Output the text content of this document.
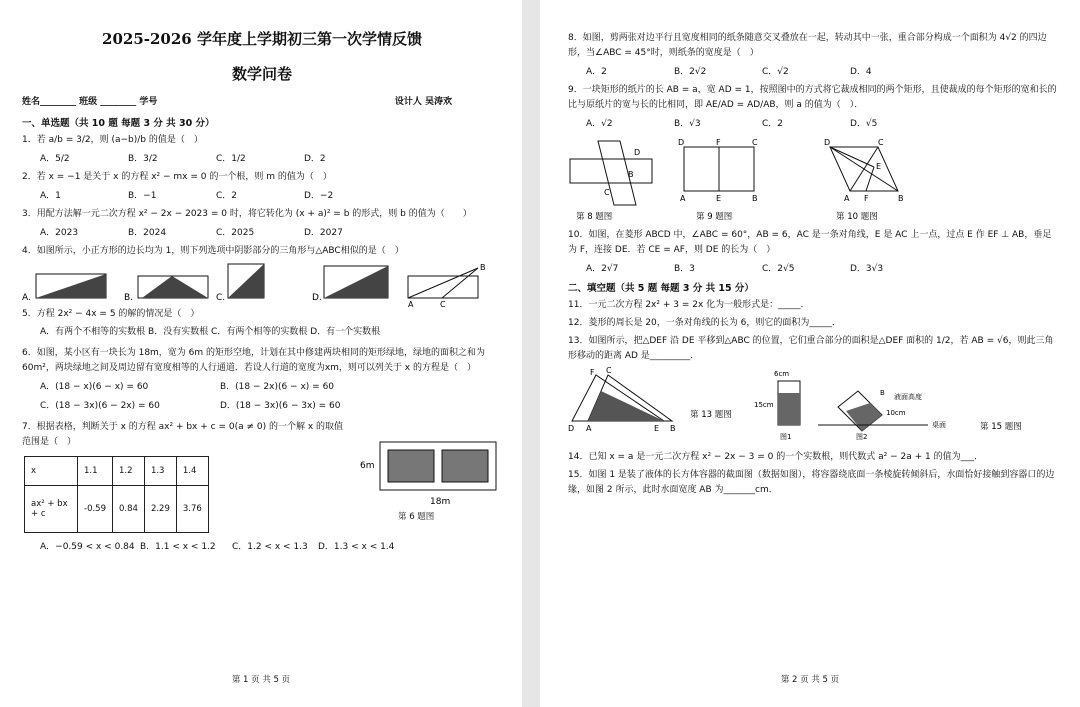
2025-2026 学年度上学期初三第一次学情反馈

数学问卷

姓名________ 班级 ________ 学号	设计人 吴涛欢
一、单选题（共 10 题 每题 3 分 共 30 分）
1．若 a/b = 3/2，则 (a−b)/b 的值是（　）
A．5/2	B．3/2	C．1/2	D．2
2．若 x = −1 是关于 x 的方程 x² − mx = 0 的一个根，则 m 的值为（　）
A．1	B．−1	C．2	D．−2
3．用配方法解一元二次方程 x² − 2x − 2023 = 0 时，将它转化为 (x + a)² = b 的形式，则 b 的值为（　　）
A．2023	B．2024	C．2025	D．2027
4．如图所示，小正方形的边长均为 1，则下列选项中阴影部分的三角形与△ABC相似的是（　）
A.	B.	C.	D.
A
B
C
5．方程 2x² − 4x = 5 的解的情况是（　）
A．有两个不相等的实数根 B．没有实数根 C．有两个相等的实数根 D．有一个实数根
6．如图，某小区有一块长为 18m，宽为 6m 的矩形空地，计划在其中修建两块相同的矩形绿地，绿地的面积之和为 60m²，两块绿地之间及周边留有宽度相等的人行通道．若设人行道的宽度为xm，则可以列关于 x 的方程是（　）
A．(18 − x)(6 − x) = 60	B．(18 − 2x)(6 − x) = 60
C．(18 − 3x)(6 − 2x) = 60	D．(18 − 3x)(6 − 3x) = 60
6m
18m
第 6 题图
7．根据表格，判断关于 x 的方程 ax² + bx + c = 0(a ≠ 0) 的一个解 x 的取值范围是（　）
x	1.1	1.2	1.3	1.4
ax² + bx + c	-0.59	0.84	2.29	3.76
A．−0.59 < x < 0.84 B．1.1 < x < 1.2	C．1.2 < x < 1.3	D．1.3 < x < 1.4
第 1 页 共 5 页
8．如图，剪两张对边平行且宽度相同的纸条随意交叉叠放在一起，转动其中一张，重合部分构成一个面积为 4√2 的四边形，当∠ABC = 45°时，则纸条的宽度是（　）
A．2	B．2√2	C．√2	D．4
9．一块矩形的纸片的长 AB = a，宽 AD = 1，按照图中的方式将它裁成相同的两个矩形，且使裁成的每个矩形的宽和长的比与原纸片的宽与长的比相同，即 AE/AD = AD/AB，则 a 的值为（　）．
A．√2	B．√3	C．2	D．√5
D
B
C
D	F	C
A	E	B
D	C
E
A F	B
第 8 题图	第 9 题图	第 10 题图
10．如图，在菱形 ABCD 中，∠ABC = 60°，AB = 6，AC 是一条对角线，E 是 AC 上一点，过点 E 作 EF ⊥ AB，垂足为 F，连接 DE．若 CE = AF，则 DE 的长为（　）
A．2√7	B．3	C．2√5	D．3√3
二、填空题（共 5 题 每题 3 分 共 15 分）
11．一元二次方程 2x² + 3 = 2x 化为一般形式是：_____．
12．菱形的周长是 20，一条对角线的长为 6，则它的面积为_____．
13．如图所示，把△DEF 沿 DE 平移到△ABC 的位置，它们重合部分的面积是△DEF 面积的 1/2，若 AB = √6，则此三角形移动的距离 AD 是_________．
D A	E B
F C
第 13 题图
6cm
15cm
图1	图2
B 液面高度
10cm
桌面	第 15 题图
14．已知 x = a 是一元二次方程 x² − 2x − 3 = 0 的一个实数根，则代数式 a² − 2a + 1 的值为___．
15．如图 1 是装了液体的长方体容器的截面图（数据如图），将容器绕底面一条棱旋转倾斜后，水面恰好接触到容器口的边缘，如图 2 所示，此时水面宽度 AB 为_______cm．
第 2 页 共 5 页
